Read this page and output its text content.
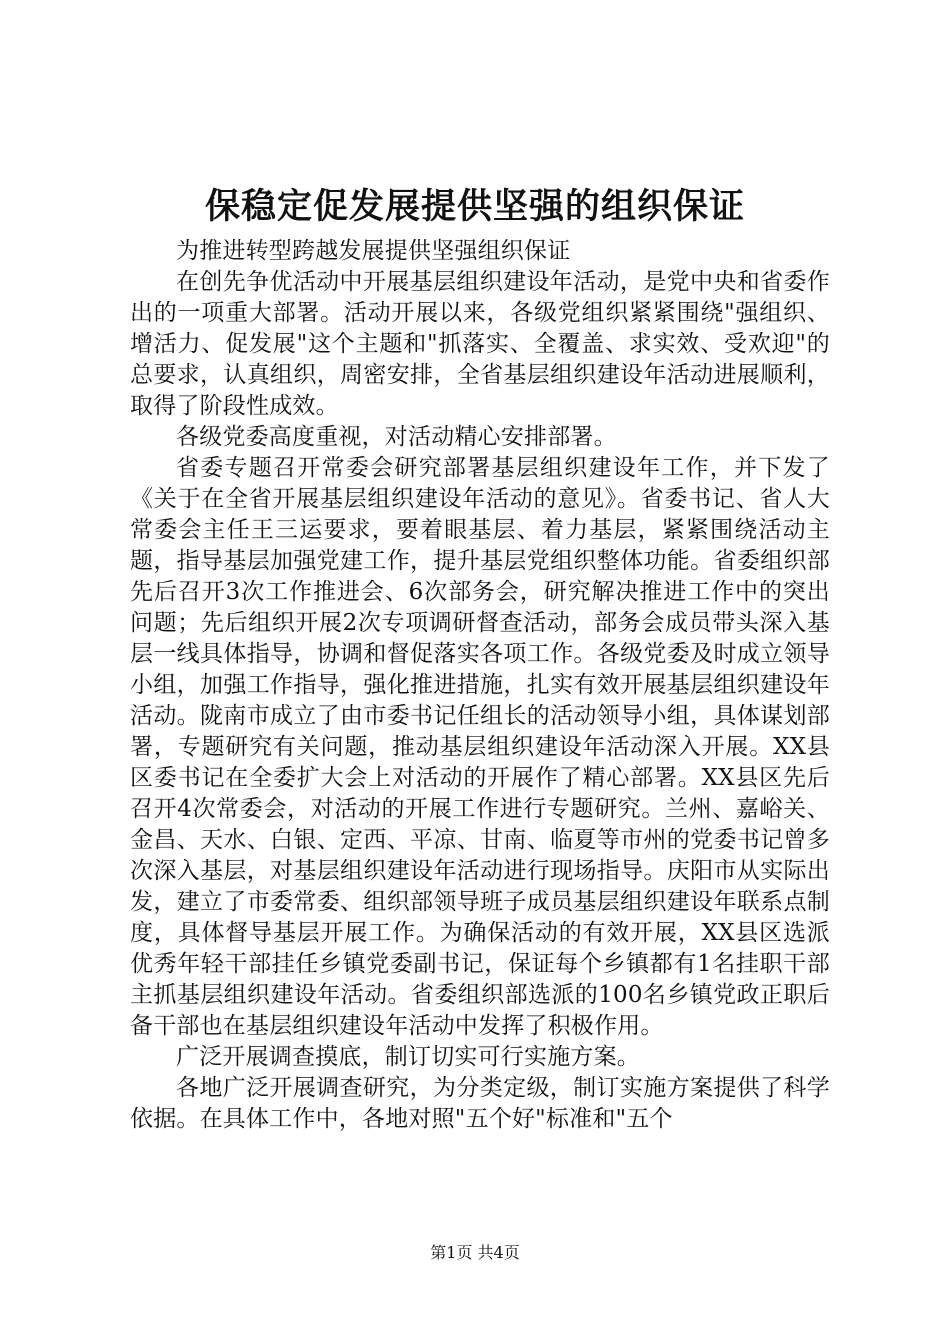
保稳定促发展提供坚强的组织保证

为推进转型跨越发展提供坚强组织保证

在创先争优活动中开展基层组织建设年活动，是党中央和省委作出的一项重大部署。活动开展以来，各级党组织紧紧围绕"强组织、增活力、促发展"这个主题和"抓落实、全覆盖、求实效、受欢迎"的总要求，认真组织，周密安排，全省基层组织建设年活动进展顺利，取得了阶段性成效。

各级党委高度重视，对活动精心安排部署。

省委专题召开常委会研究部署基层组织建设年工作，并下发了《关于在全省开展基层组织建设年活动的意见》。省委书记、省人大常委会主任王三运要求，要着眼基层、着力基层，紧紧围绕活动主题，指导基层加强党建工作，提升基层党组织整体功能。省委组织部先后召开3次工作推进会、6次部务会，研究解决推进工作中的突出问题；先后组织开展2次专项调研督查活动，部务会成员带头深入基层一线具体指导，协调和督促落实各项工作。各级党委及时成立领导小组，加强工作指导，强化推进措施，扎实有效开展基层组织建设年活动。陇南市成立了由市委书记任组长的活动领导小组，具体谋划部署，专题研究有关问题，推动基层组织建设年活动深入开展。XX县区委书记在全委扩大会上对活动的开展作了精心部署。XX县区先后召开4次常委会，对活动的开展工作进行专题研究。兰州、嘉峪关、金昌、天水、白银、定西、平凉、甘南、临夏等市州的党委书记曾多次深入基层，对基层组织建设年活动进行现场指导。庆阳市从实际出发，建立了市委常委、组织部领导班子成员基层组织建设年联系点制度，具体督导基层开展工作。为确保活动的有效开展，XX县区选派优秀年轻干部挂任乡镇党委副书记，保证每个乡镇都有1名挂职干部主抓基层组织建设年活动。省委组织部选派的100名乡镇党政正职后备干部也在基层组织建设年活动中发挥了积极作用。

广泛开展调查摸底，制订切实可行实施方案。

各地广泛开展调查研究，为分类定级，制订实施方案提供了科学依据。在具体工作中，各地对照"五个好"标准和"五个

第1页 共4页
